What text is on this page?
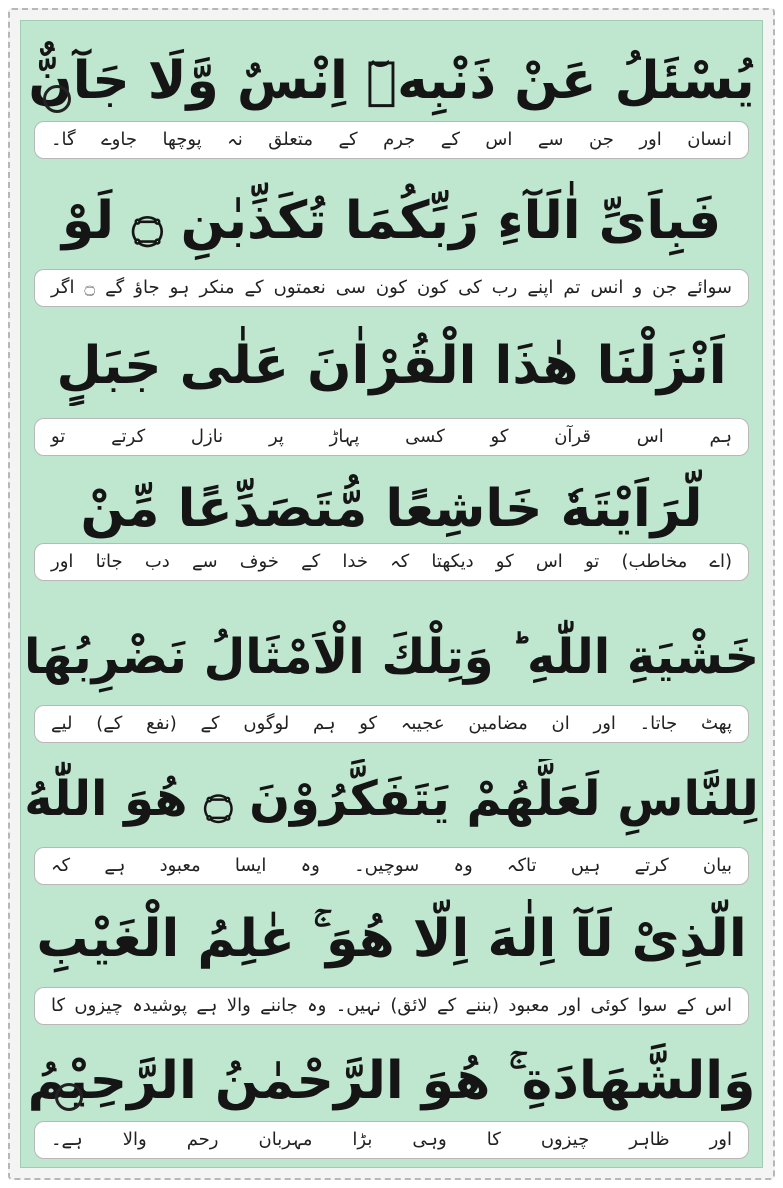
يُسْئَلُ عَنْ ذَنْبِهٖٓ اِنْسٌ وَّلَا جَآنٌّ
انسان اور جن سے اس کے جرم کے متعلق نہ پوچھا جاوے گا۔
فَبِاَیِّ اٰلَآءِ رَبِّكُمَا تُكَذِّبٰنِ ۝ لَوْ
سوائے جن و انس تم اپنے رب کی کون کون سی نعمتوں کے منکر ہو جاؤ گے ۝ اگر
اَنْزَلْنَا هٰذَا الْقُرْاٰنَ عَلٰى جَبَلٍ
ہم اس قرآن کو کسی پہاڑ پر نازل کرتے تو
لَّرَاَیْتَهٗ خَاشِعًا مُّتَصَدِّعًا مِّنْ
(اے مخاطب) تو اس کو دیکھتا کہ خدا کے خوف سے دب جاتا اور
خَشْیَةِ اللّٰهِ ؕ وَتِلْكَ الْاَمْثَالُ نَضْرِبُهَا
پھٹ جاتا۔ اور ان مضامین عجیبہ کو ہم لوگوں کے (نفع کے) لیے
لِلنَّاسِ لَعَلَّهُمْ یَتَفَكَّرُوْنَ ۝ هُوَ اللّٰهُ
بیان کرتے ہیں تاکہ وہ سوچیں۔ وہ ایسا معبود ہے کہ
الَّذِیْ لَآ اِلٰهَ اِلَّا هُوَ ۚ عٰلِمُ الْغَیْبِ
اس کے سوا کوئی اور معبود (بننے کے لائق) نہیں۔ وہ جاننے والا ہے پوشیدہ چیزوں کا
وَالشَّهَادَةِ ۚ هُوَ الرَّحْمٰنُ الرَّحِیْمُ
اور ظاہر چیزوں کا وہی بڑا مہربان رحم والا ہے۔
